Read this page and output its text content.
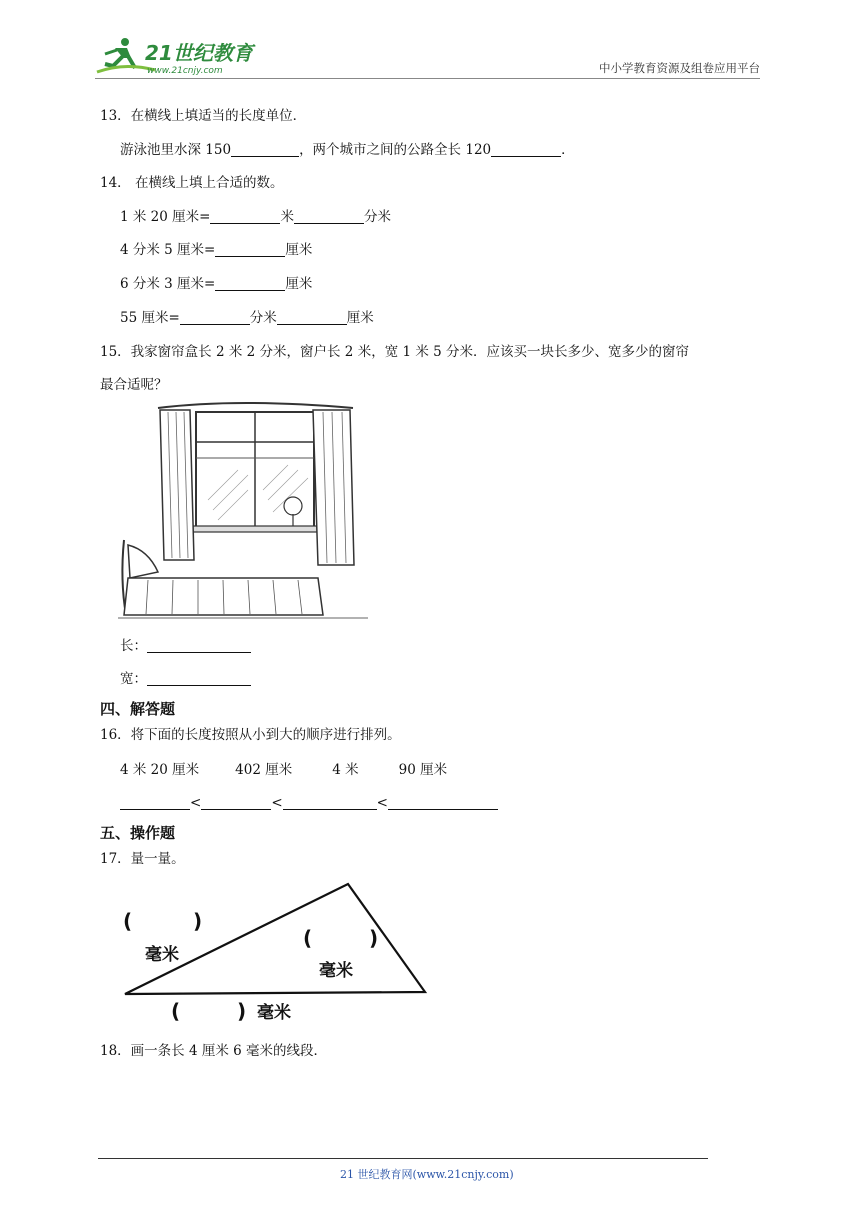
21世纪教育
www.21cnjy.com	中小学教育资源及组卷应用平台
13．在横线上填适当的长度单位．
游泳池里水深 150	，两个城市之间的公路全长 120	．
14． 在横线上填上合适的数。
1 米 20 厘米=	米	分米
4 分米 5 厘米=	厘米
6 分米 3 厘米=	厘米
55 厘米=	分米	厘米
15．我家窗帘盒长 2 米 2 分米，窗户长 2 米，宽 1 米 5 分米．应该买一块长多少、宽多少的窗帘
最合适呢？
长：
宽：
四、解答题
16．将下面的长度按照从小到大的顺序进行排列。
4 米 20 厘米	402 厘米	4 米	90 厘米
<	<	<
五、操作题
17．量一量。
(	)
毫米
(	)
毫米
(	) 毫米
18．画一条长 4 厘米 6 毫米的线段．
21 世纪教育网(www.21cnjy.com)
